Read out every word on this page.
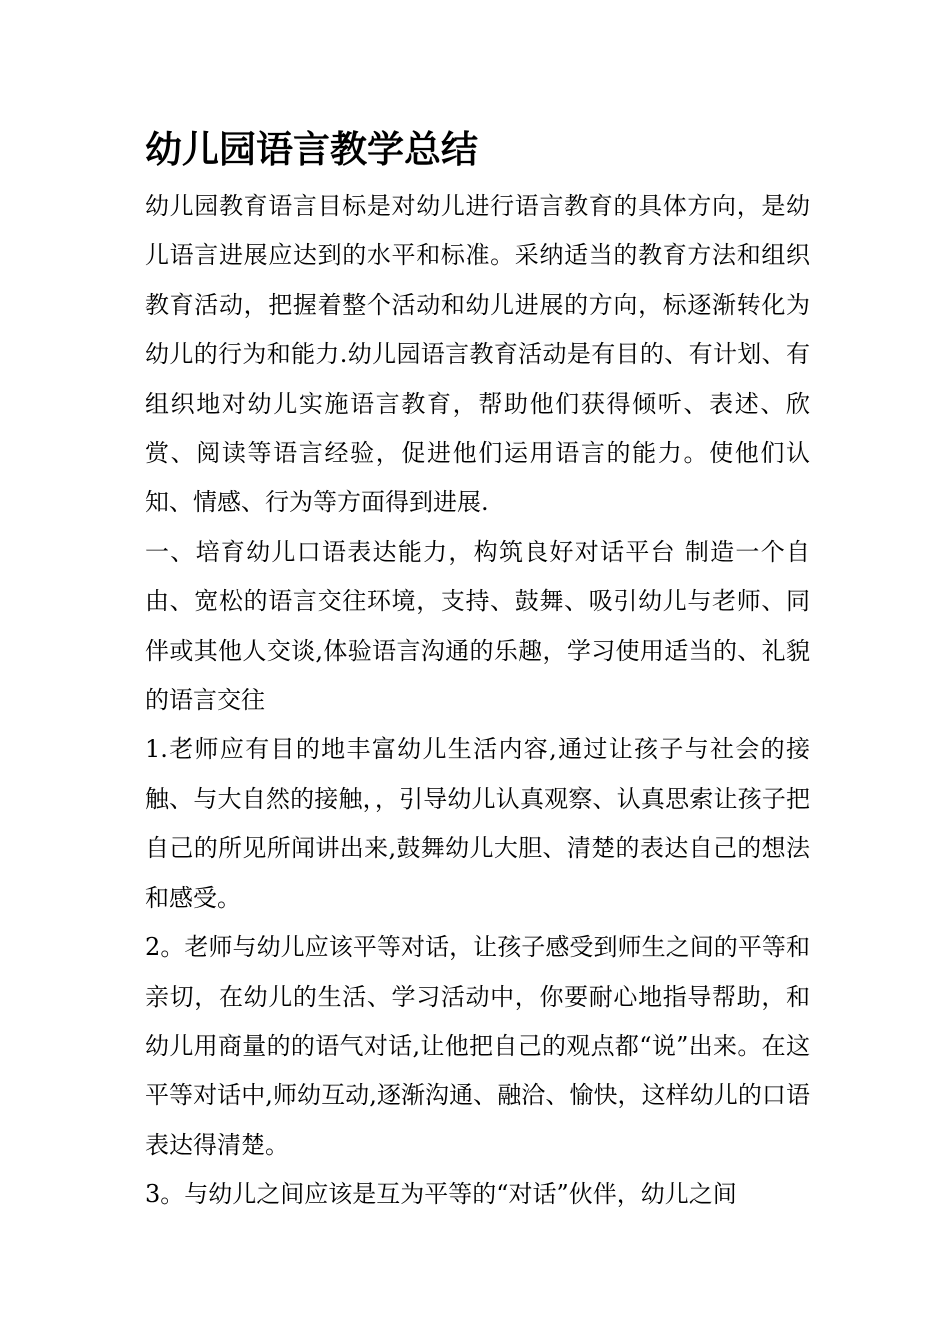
幼儿园语言教学总结

幼儿园教育语言目标是对幼儿进行语言教育的具体方向，是幼儿语言进展应达到的水平和标准。采纳适当的教育方法和组织教育活动，把握着整个活动和幼儿进展的方向，标逐渐转化为幼儿的行为和能力.幼儿园语言教育活动是有目的、有计划、有组织地对幼儿实施语言教育，帮助他们获得倾听、表述、欣赏、阅读等语言经验，促进他们运用语言的能力。使他们认知、情感、行为等方面得到进展.

一、培育幼儿口语表达能力，构筑良好对话平台 制造一个自由、宽松的语言交往环境，支持、鼓舞、吸引幼儿与老师、同伴或其他人交谈,体验语言沟通的乐趣，学习使用适当的、礼貌的语言交往

1.老师应有目的地丰富幼儿生活内容,通过让孩子与社会的接触、与大自然的接触，，引导幼儿认真观察、认真思索让孩子把自己的所见所闻讲出来,鼓舞幼儿大胆、清楚的表达自己的想法和感受。

2。老师与幼儿应该平等对话，让孩子感受到师生之间的平等和亲切，在幼儿的生活、学习活动中，你要耐心地指导帮助，和幼儿用商量的的语气对话,让他把自己的观点都“说”出来。在这平等对话中,师幼互动,逐渐沟通、融洽、愉快，这样幼儿的口语表达得清楚。

3。与幼儿之间应该是互为平等的“对话”伙伴，幼儿之间
